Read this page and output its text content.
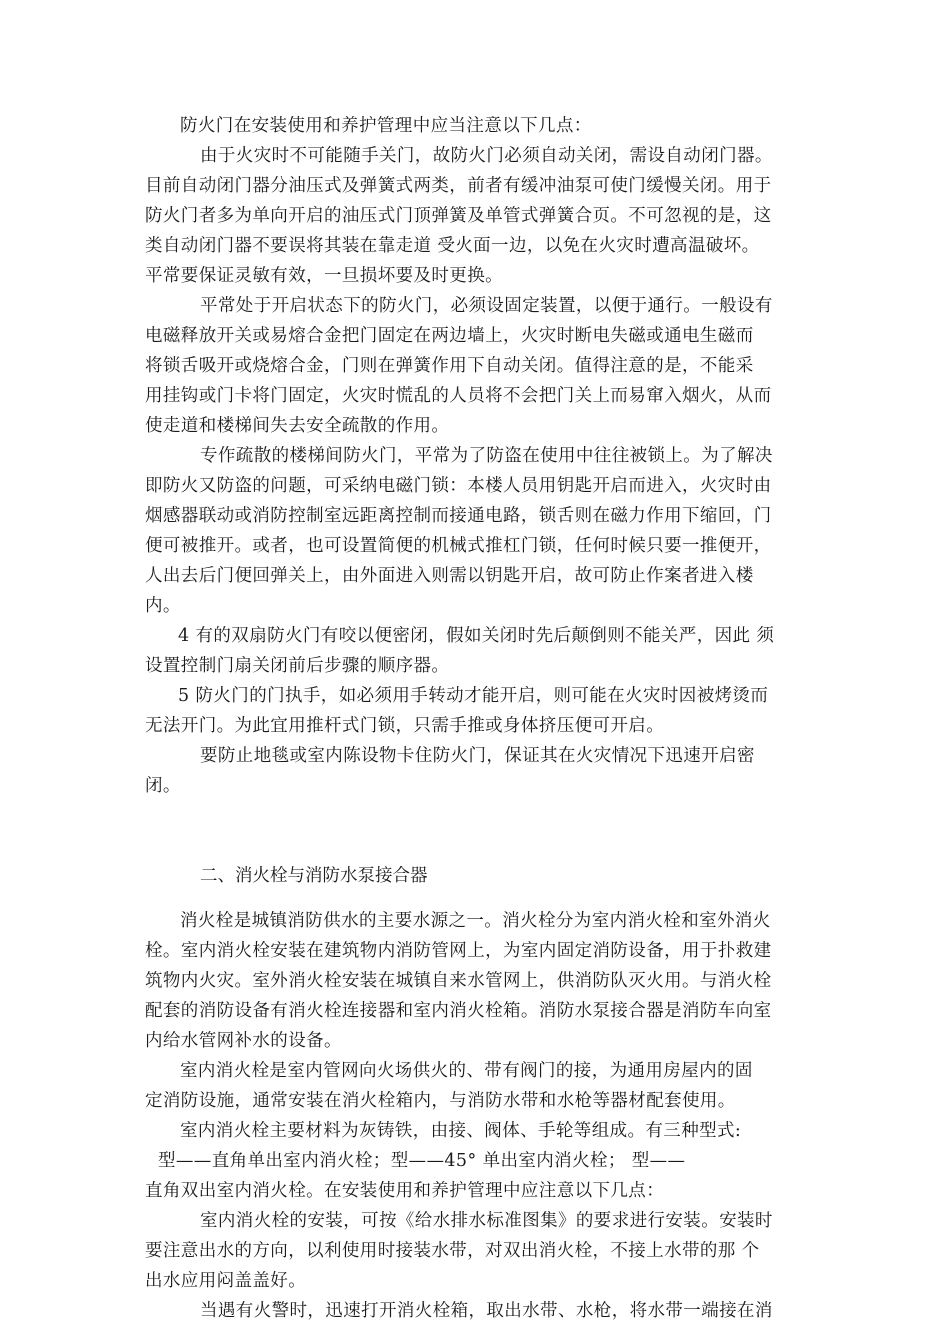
防火门在安装使用和养护管理中应当注意以下几点：
由于火灾时不可能随手关门，故防火门必须自动关闭，需设自动闭门器。
目前自动闭门器分油压式及弹簧式两类，前者有缓冲油泵可使门缓慢关闭。用于
防火门者多为单向开启的油压式门顶弹簧及单管式弹簧合页。不可忽视的是，这
类自动闭门器不要误将其装在靠走道 受火面一边，以免在火灾时遭高温破坏。
平常要保证灵敏有效，一旦损坏要及时更换。
平常处于开启状态下的防火门，必须设固定装置，以便于通行。一般设有
电磁释放开关或易熔合金把门固定在两边墙上，火灾时断电失磁或通电生磁而
将锁舌吸开或烧熔合金，门则在弹簧作用下自动关闭。值得注意的是，不能采
用挂钩或门卡将门固定，火灾时慌乱的人员将不会把门关上而易窜入烟火，从而
使走道和楼梯间失去安全疏散的作用。
专作疏散的楼梯间防火门，平常为了防盗在使用中往往被锁上。为了解决
即防火又防盗的问题，可采纳电磁门锁：本楼人员用钥匙开启而进入，火灾时由
烟感器联动或消防控制室远距离控制而接通电路，锁舌则在磁力作用下缩回，门
便可被推开。或者，也可设置简便的机械式推杠门锁，任何时候只要一推便开，
人出去后门便回弹关上，由外面进入则需以钥匙开启，故可防止作案者进入楼
内。
4 有的双扇防火门有咬以便密闭，假如关闭时先后颠倒则不能关严，因此 须
设置控制门扇关闭前后步骤的顺序器。
5 防火门的门执手，如必须用手转动才能开启，则可能在火灾时因被烤烫而
无法开门。为此宜用推杆式门锁，只需手推或身体挤压便可开启。
要防止地毯或室内陈设物卡住防火门，保证其在火灾情况下迅速开启密
闭。
二、消火栓与消防水泵接合器
消火栓是城镇消防供水的主要水源之一。消火栓分为室内消火栓和室外消火
栓。室内消火栓安装在建筑物内消防管网上，为室内固定消防设备，用于扑救建
筑物内火灾。室外消火栓安装在城镇自来水管网上，供消防队灭火用。与消火栓
配套的消防设备有消火栓连接器和室内消火栓箱。消防水泵接合器是消防车向室
内给水管网补水的设备。
室内消火栓是室内管网向火场供火的、带有阀门的接，为通用房屋内的固
定消防设施，通常安装在消火栓箱内，与消防水带和水枪等器材配套使用。
室内消火栓主要材料为灰铸铁，由接、阀体、手轮等组成。有三种型式:
型——直角单出室内消火栓；型——45° 单出室内消火栓； 型——
直角双出室内消火栓。在安装使用和养护管理中应注意以下几点：
室内消火栓的安装，可按《给水排水标准图集》的要求进行安装。安装时
要注意出水的方向，以利使用时接装水带，对双出消火栓，不接上水带的那 个
出水应用闷盖盖好。
当遇有火警时，迅速打开消火栓箱，取出水带、水枪，将水带一端接在消
